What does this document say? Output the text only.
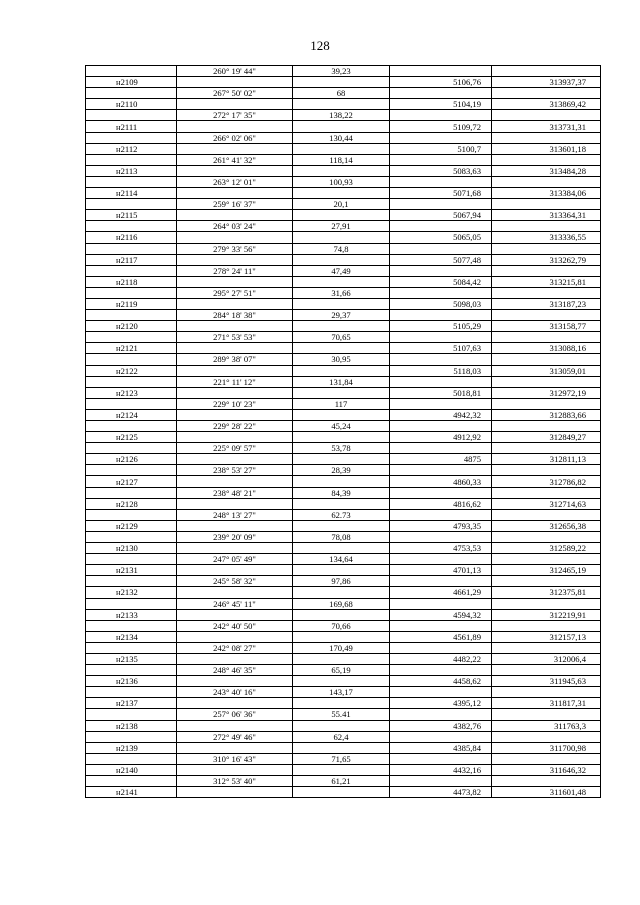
128
	260° 19' 44"	39,23		
н2109			5106,76	313937,37
	267° 50' 02"	68		
н2110			5104,19	313869,42
	272° 17' 35"	138,22		
н2111			5109,72	313731,31
	266° 02' 06"	130,44		
н2112			5100,7	313601,18
	261° 41' 32"	118,14		
н2113			5083,63	313484,28
	263° 12' 01"	100,93		
н2114			5071,68	313384,06
	259° 16' 37"	20,1		
н2115			5067,94	313364,31
	264° 03' 24"	27,91		
н2116			5065,05	313336,55
	279° 33' 56"	74,8		
н2117			5077,48	313262,79
	278° 24' 11"	47,49		
н2118			5084,42	313215,81
	295° 27' 51"	31,66		
н2119			5098,03	313187,23
	284° 18' 38"	29,37		
н2120			5105,29	313158,77
	271° 53' 53"	70,65		
н2121			5107,63	313088,16
	289° 38' 07"	30,95		
н2122			5118,03	313059,01
	221° 11' 12"	131,84		
н2123			5018,81	312972,19
	229° 10' 23"	117		
н2124			4942,32	312883,66
	229° 28' 22"	45,24		
н2125			4912,92	312849,27
	225° 09' 57"	53,78		
н2126			4875	312811,13
	238° 53' 27"	28,39		
н2127			4860,33	312786,82
	238° 48' 21"	84,39		
н2128			4816,62	312714,63
	248° 13' 27"	62.73		
н2129			4793,35	312656,38
	239° 20' 09"	78,08		
н2130			4753,53	312589,22
	247° 05' 49"	134,64		
н2131			4701,13	312465,19
	245° 58' 32"	97,86		
н2132			4661,29	312375,81
	246° 45' 11"	169,68		
н2133			4594,32	312219,91
	242° 40' 50"	70,66		
н2134			4561,89	312157,13
	242° 08' 27"	170,49		
н2135			4482,22	312006,4
	248° 46' 35"	65,19		
н2136			4458,62	311945,63
	243° 40' 16"	143,17		
н2137			4395,12	311817,31
	257° 06' 36"	55.41		
н2138			4382,76	311763,3
	272° 49' 46"	62,4		
н2139			4385,84	311700,98
	310° 16' 43"	71,65		
н2140			4432,16	311646,32
	312° 53' 40"	61,21		
н2141			4473,82	311601,48
